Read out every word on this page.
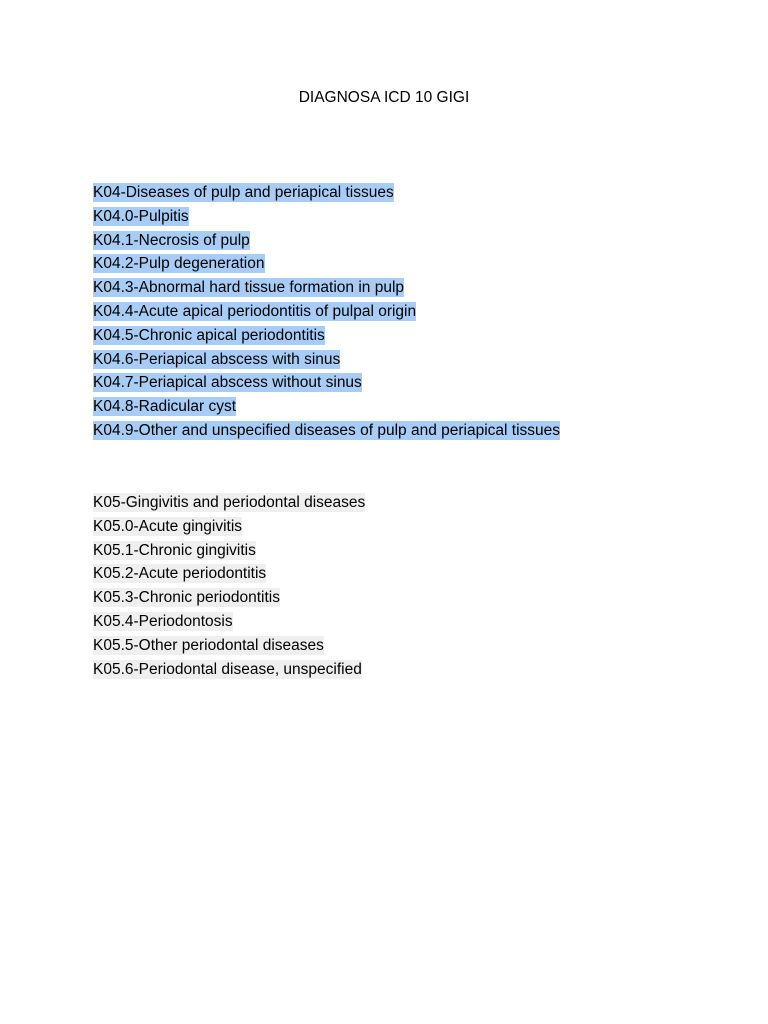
DIAGNOSA ICD 10 GIGI
K04-Diseases of pulp and periapical tissues
K04.0-Pulpitis
K04.1-Necrosis of pulp
K04.2-Pulp degeneration
K04.3-Abnormal hard tissue formation in pulp
K04.4-Acute apical periodontitis of pulpal origin
K04.5-Chronic apical periodontitis
K04.6-Periapical abscess with sinus
K04.7-Periapical abscess without sinus
K04.8-Radicular cyst
K04.9-Other and unspecified diseases of pulp and periapical tissues
K05-Gingivitis and periodontal diseases
K05.0-Acute gingivitis
K05.1-Chronic gingivitis
K05.2-Acute periodontitis
K05.3-Chronic periodontitis
K05.4-Periodontosis
K05.5-Other periodontal diseases
K05.6-Periodontal disease, unspecified
